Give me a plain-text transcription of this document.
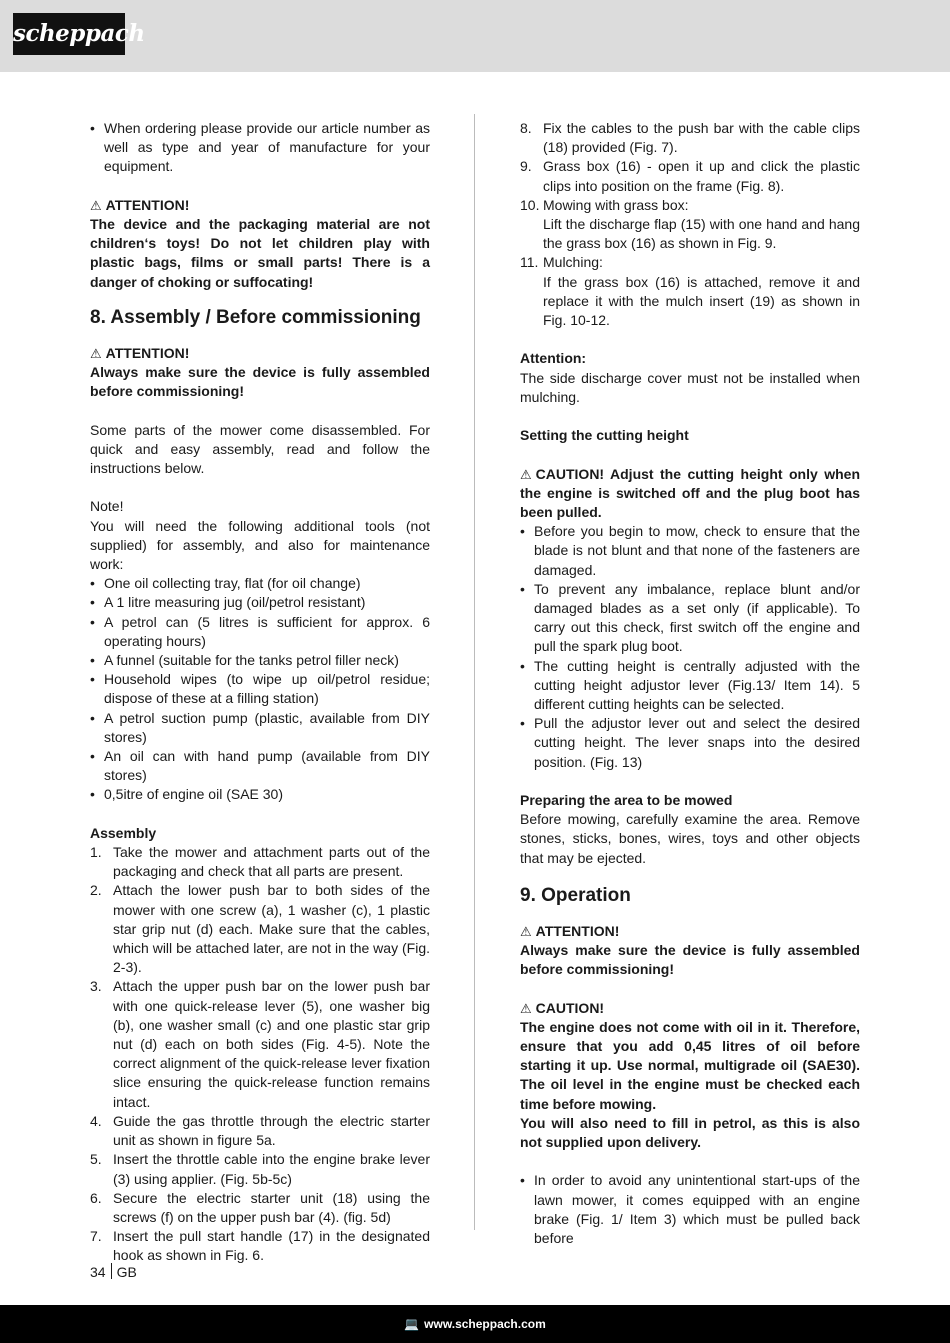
scheppach
• When ordering please provide our article number as well as type and year of manufacture for your equipment.

⚠ ATTENTION!

The device and the packaging material are not children‘s toys! Do not let children play with plastic bags, films or small parts! There is a danger of choking or suffocating!

8. Assembly / Before commissioning

⚠ ATTENTION!

Always make sure the device is fully assembled before commissioning!

Some parts of the mower come disassembled. For quick and easy assembly, read and follow the instructions below.

Note!

You will need the following additional tools (not supplied) for assembly, and also for maintenance work:

• One oil collecting tray, flat (for oil change)
• A 1 litre measuring jug (oil/petrol resistant)
• A petrol can (5 litres is sufficient for approx. 6 operating hours)
• A funnel (suitable for the tanks petrol filler neck)
• Household wipes (to wipe up oil/petrol residue; dispose of these at a filling station)
• A petrol suction pump (plastic, available from DIY stores)
• An oil can with hand pump (available from DIY stores)
• 0,5itre of engine oil (SAE 30)

Assembly

1. Take the mower and attachment parts out of the packaging and check that all parts are present.
2. Attach the lower push bar to both sides of the mower with one screw (a), 1 washer (c), 1 plastic star grip nut (d) each. Make sure that the cables, which will be attached later, are not in the way (Fig. 2-3).
3. Attach the upper push bar on the lower push bar with one quick-release lever (5), one washer big (b), one washer small (c) and one plastic star grip nut (d) each on both sides (Fig. 4-5). Note the correct alignment of the quick-release lever fixation slice ensuring the quick-release function remains intact.
4. Guide the gas throttle through the electric starter unit as shown in figure 5a.
5. Insert the throttle cable into the engine brake lever (3) using applier. (Fig. 5b-5c)
6. Secure the electric starter unit (18) using the screws (f) on the upper push bar (4). (fig. 5d)
7. Insert the pull start handle (17) in the designated hook as shown in Fig. 6.
8. Fix the cables to the push bar with the cable clips (18) provided (Fig. 7).
9. Grass box (16) - open it up and click the plastic clips into position on the frame (Fig. 8).
10. Mowing with grass box:
Lift the discharge flap (15) with one hand and hang the grass box (16) as shown in Fig. 9.
11. Mulching:
If the grass box (16) is attached, remove it and replace it with the mulch insert (19) as shown in Fig. 10-12.

Attention:

The side discharge cover must not be installed when mulching.

Setting the cutting height

⚠ CAUTION! Adjust the cutting height only when the engine is switched off and the plug boot has been pulled.

• Before you begin to mow, check to ensure that the blade is not blunt and that none of the fasteners are damaged.
• To prevent any imbalance, replace blunt and/or damaged blades as a set only (if applicable). To carry out this check, first switch off the engine and pull the spark plug boot.
• The cutting height is centrally adjusted with the cutting height adjustor lever (Fig.13/ Item 14). 5 different cutting heights can be selected.
• Pull the adjustor lever out and select the desired cutting height. The lever snaps into the desired position. (Fig. 13)

Preparing the area to be mowed

Before mowing, carefully examine the area. Remove stones, sticks, bones, wires, toys and other objects that may be ejected.

9. Operation

⚠ ATTENTION!

Always make sure the device is fully assembled before commissioning!

⚠ CAUTION!

The engine does not come with oil in it. Therefore, ensure that you add 0,45 litres of oil before starting it up. Use normal, multigrade oil (SAE30). The oil level in the engine must be checked each time before mowing.

You will also need to fill in petrol, as this is also not supplied upon delivery.

• In order to avoid any unintentional start-ups of the lawn mower, it comes equipped with an engine brake (Fig. 1/ Item 3) which must be pulled back before
34 GB
💻 www.scheppach.com
